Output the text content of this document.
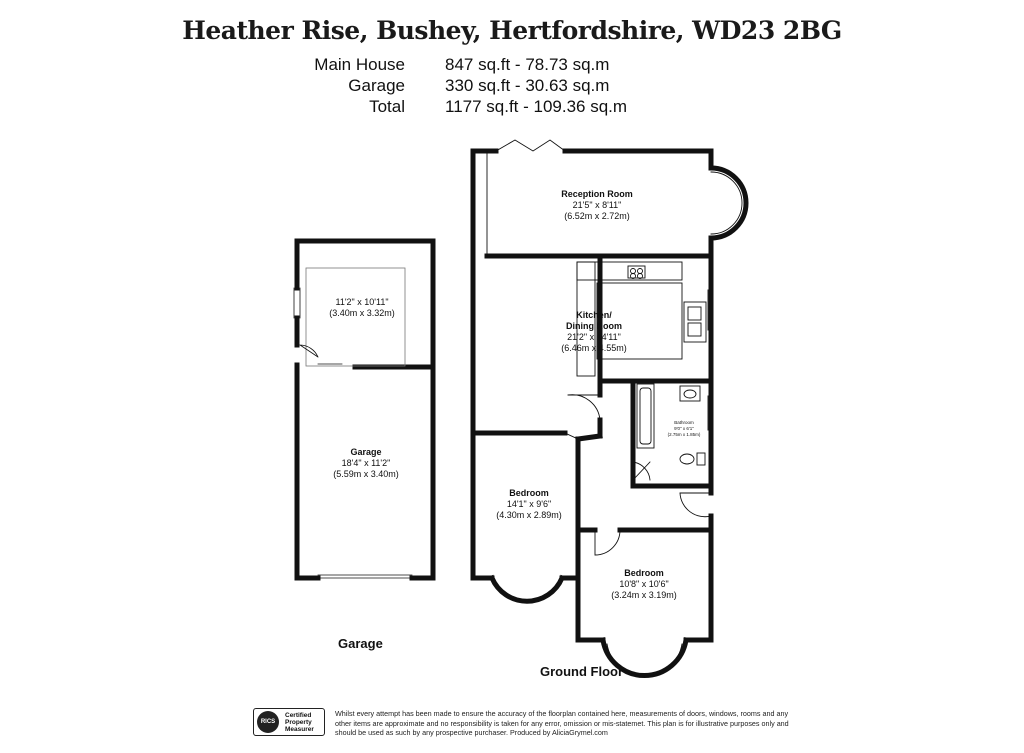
Heather Rise, Bushey, Hertfordshire, WD23 2BG
Main House	847 sq.ft - 78.73 sq.m
Garage	330 sq.ft - 30.63 sq.m
Total	1177 sq.ft - 109.36 sq.m
Reception Room
21'5" x 8'11"
(6.52m x 2.72m)
Kitchen/
Dining Room
21'2" x 14'11"
(6.46m x 4.55m)
Bathroom
9'0" x 6'1"
(2.75m x 1.85m)
Bedroom
14'1" x 9'6"
(4.30m x 2.89m)
Bedroom
10'8" x 10'6"
(3.24m x 3.19m)
11'2" x 10'11"
(3.40m x 3.32m)
Garage
18'4" x 11'2"
(5.59m x 3.40m)
Garage
Ground Floor
RICS
Certified
Property
Measurer
Whilst every attempt has been made to ensure the accuracy of the floorplan contained here, measurements of doors, windows, rooms and any other items are approximate and no responsibility is taken for any error, omission or mis-statemet. This plan is for illustrative purposes only and should be used as such by any prospective purchaser. Produced by AliciaGrymel.com
